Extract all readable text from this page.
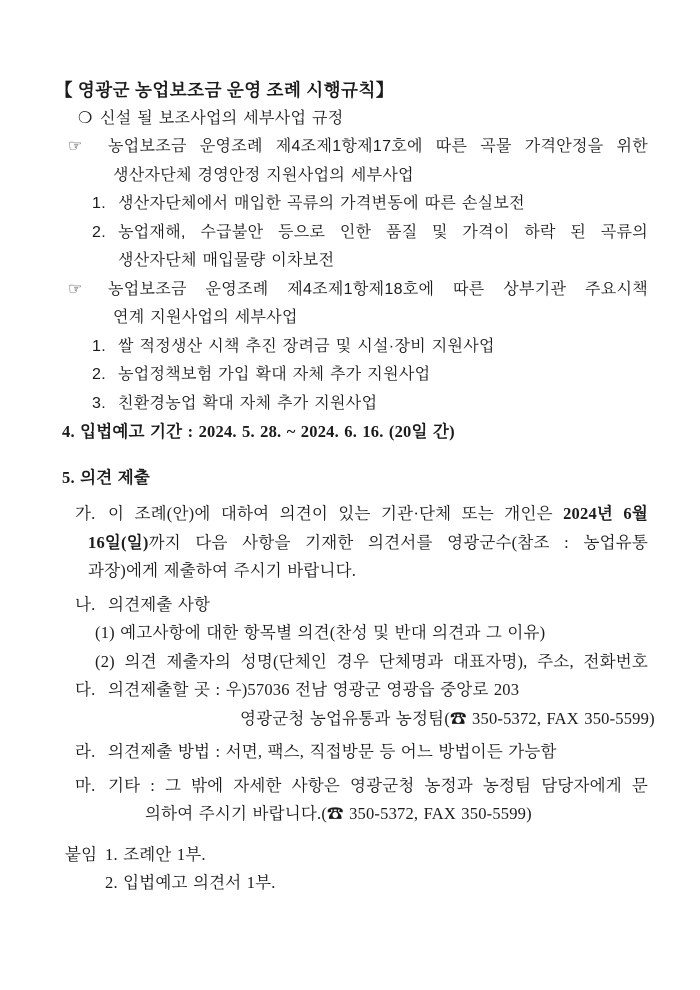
【 영광군 농업보조금 운영 조례 시행규칙】
❍ 신설 될 보조사업의 세부사업 규정
☞ 농업보조금 운영조례 제4조제1항제17호에 따른 곡물 가격안정을 위한
생산자단체 경영안정 지원사업의 세부사업
1. 생산자단체에서 매입한 곡류의 가격변동에 따른 손실보전
2. 농업재해, 수급불안 등으로 인한 품질 및 가격이 하락 된 곡류의
생산자단체 매입물량 이차보전
☞ 농업보조금 운영조례 제4조제1항제18호에 따른 상부기관 주요시책
연계 지원사업의 세부사업
1. 쌀 적정생산 시책 추진 장려금 및 시설·장비 지원사업
2. 농업정책보험 가입 확대 자체 추가 지원사업
3. 친환경농업 확대 자체 추가 지원사업
4. 입법예고 기간 : 2024. 5. 28. ~ 2024. 6. 16. (20일 간)
5. 의견 제출
가. 이 조례(안)에 대하여 의견이 있는 기관·단체 또는 개인은 2024년 6월
16일(일)까지 다음 사항을 기재한 의견서를 영광군수(참조 : 농업유통
과장)에게 제출하여 주시기 바랍니다.
나. 의견제출 사항
(1) 예고사항에 대한 항목별 의견(찬성 및 반대 의견과 그 이유)
(2) 의견 제출자의 성명(단체인 경우 단체명과 대표자명), 주소, 전화번호
다. 의견제출할 곳 : 우)57036 전남 영광군 영광읍 중앙로 203
영광군청 농업유통과 농정팀(☎ 350-5372, FAX 350-5599)
라. 의견제출 방법 : 서면, 팩스, 직접방문 등 어느 방법이든 가능함
마. 기타 : 그 밖에 자세한 사항은 영광군청 농정과 농정팀 담당자에게 문
의하여 주시기 바랍니다.(☎ 350-5372, FAX 350-5599)
붙임 1. 조례안 1부.
2. 입법예고 의견서 1부.
